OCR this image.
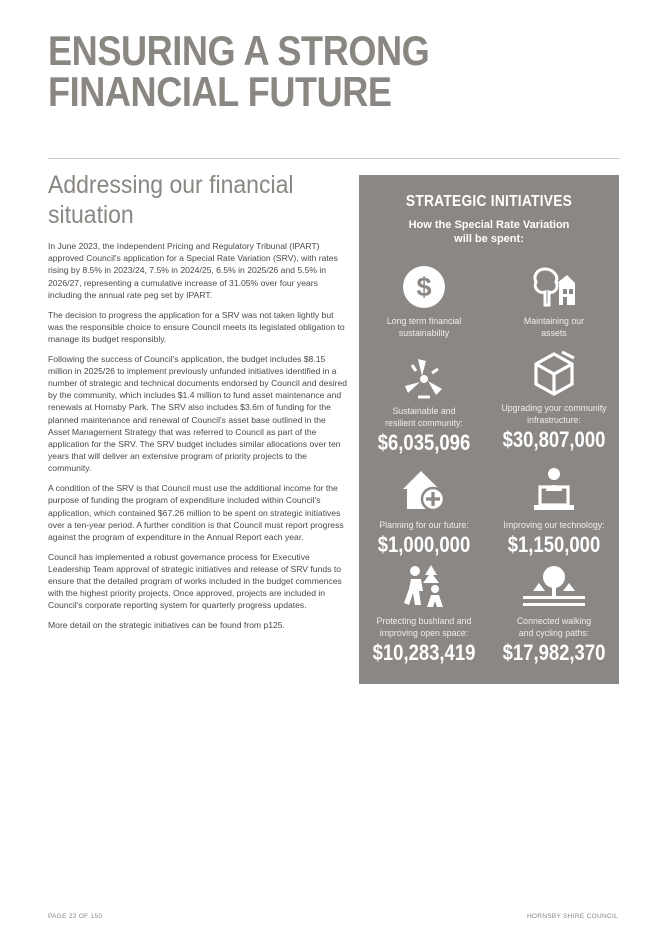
ENSURING A STRONG FINANCIAL FUTURE
Addressing our financial situation

In June 2023, the Independent Pricing and Regulatory Tribunal (IPART) approved Council's application for a Special Rate Variation (SRV), with rates rising by 8.5% in 2023/24, 7.5% in 2024/25, 6.5% in 2025/26 and 5.5% in 2026/27, representing a cumulative increase of 31.05% over four years including the annual rate peg set by IPART.

The decision to progress the application for a SRV was not taken lightly but was the responsible choice to ensure Council meets its legislated obligation to manage its budget responsibly.

Following the success of Council's application, the budget includes $8.15 million in 2025/26 to implement previously unfunded initiatives identified in a number of strategic and technical documents endorsed by Council and desired by the community, which includes $1.4 million to fund asset maintenance and renewals at Hornsby Park. The SRV also includes $3.6m of funding for the planned maintenance and renewal of Council's asset base outlined in the Asset Management Strategy that was referred to Council as part of the application for the SRV. The SRV budget includes similar allocations over ten years that will deliver an extensive program of priority projects to the community.

A condition of the SRV is that Council must use the additional income for the purpose of funding the program of expenditure included within Council's application, which contained $67.26 million to be spent on strategic initiatives over a ten-year period. A further condition is that Council must report progress against the program of expenditure in the Annual Report each year.

Council has implemented a robust governance process for Executive Leadership Team approval of strategic initiatives and release of SRV funds to ensure that the detailed program of works included in the budget commences with the highest priority projects. Once approved, projects are included in Council's corporate reporting system for quarterly progress updates.

More detail on the strategic initiatives can be found from p125.

STRATEGIC INITIATIVES
How the Special Rate Variation
will be spent:
$
Long term financial
sustainability
Maintaining our
assets
Sustainable and
resilient community:
$6,035,096
Upgrading your community
infrastructure:
$30,807,000
Planning for our future:
$1,000,000
Improving our technology:
$1,150,000
Protecting bushland and
improving open space:
$10,283,419
Connected walking
and cycling paths:
$17,982,370
PAGE 22 OF 150	HORNSBY SHIRE COUNCIL
